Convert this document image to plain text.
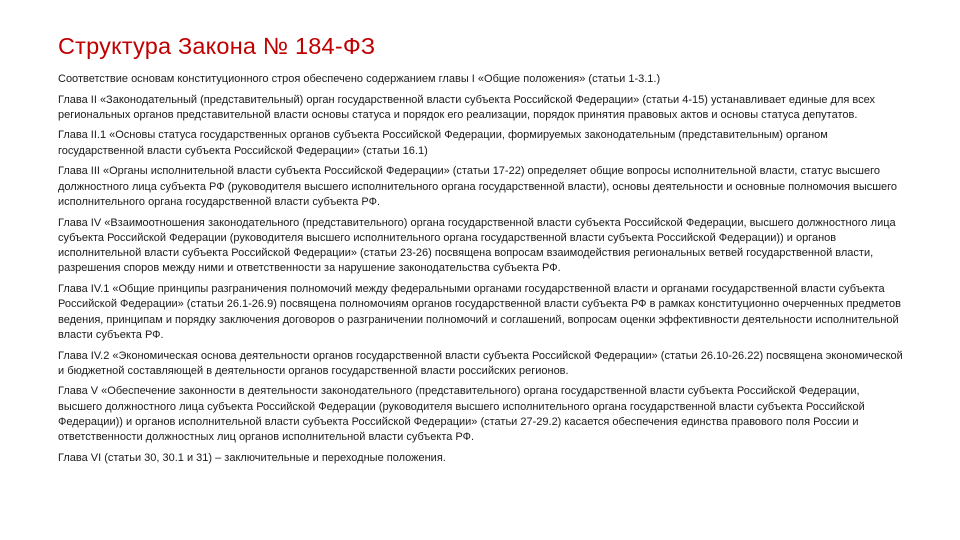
Структура Закона № 184-ФЗ

Соответствие основам конституционного строя обеспечено содержанием главы I «Общие положения» (статьи 1-3.1.)

Глава II «Законодательный (представительный) орган государственной власти субъекта Российской Федерации» (статьи 4-15) устанавливает единые для всех региональных органов представительной власти основы статуса и порядок его реализации, порядок принятия правовых актов и основы статуса депутатов.

Глава II.1 «Основы статуса государственных органов субъекта Российской Федерации, формируемых законодательным (представительным) органом государственной власти субъекта Российской Федерации» (статьи 16.1)

Глава III «Органы исполнительной власти субъекта Российской Федерации» (статьи 17-22) определяет общие вопросы исполнительной власти, статус высшего должностного лица субъекта РФ (руководителя высшего исполнительного органа государственной власти), основы деятельности и основные полномочия высшего исполнительного органа государственной власти субъекта РФ.

Глава IV «Взаимоотношения законодательного (представительного) органа государственной власти субъекта Российской Федерации, высшего должностного лица субъекта Российской Федерации (руководителя высшего исполнительного органа государственной власти субъекта Российской Федерации)) и органов исполнительной власти субъекта Российской Федерации» (статьи 23-26) посвящена вопросам взаимодействия региональных ветвей государственной власти, разрешения споров между ними и ответственности за нарушение законодательства субъекта РФ.

Глава IV.1 «Общие принципы разграничения полномочий между федеральными органами государственной власти и органами государственной власти субъекта Российской Федерации» (статьи 26.1-26.9) посвящена полномочиям органов государственной власти субъекта РФ в рамках конституционно очерченных предметов ведения, принципам и порядку заключения договоров о разграничении полномочий и соглашений, вопросам оценки эффективности деятельности исполнительной власти субъекта РФ.

Глава IV.2 «Экономическая основа деятельности органов государственной власти субъекта Российской Федерации» (статьи 26.10-26.22) посвящена экономической и бюджетной составляющей в деятельности органов государственной власти российских регионов.

Глава V «Обеспечение законности в деятельности законодательного (представительного) органа государственной власти субъекта Российской Федерации, высшего должностного лица субъекта Российской Федерации (руководителя высшего исполнительного органа государственной власти субъекта Российской Федерации)) и органов исполнительной власти субъекта Российской Федерации» (статьи 27-29.2) касается обеспечения единства правового поля России и ответственности должностных лиц органов исполнительной власти субъекта РФ.

Глава VI (статьи 30, 30.1 и 31) – заключительные и переходные положения.
